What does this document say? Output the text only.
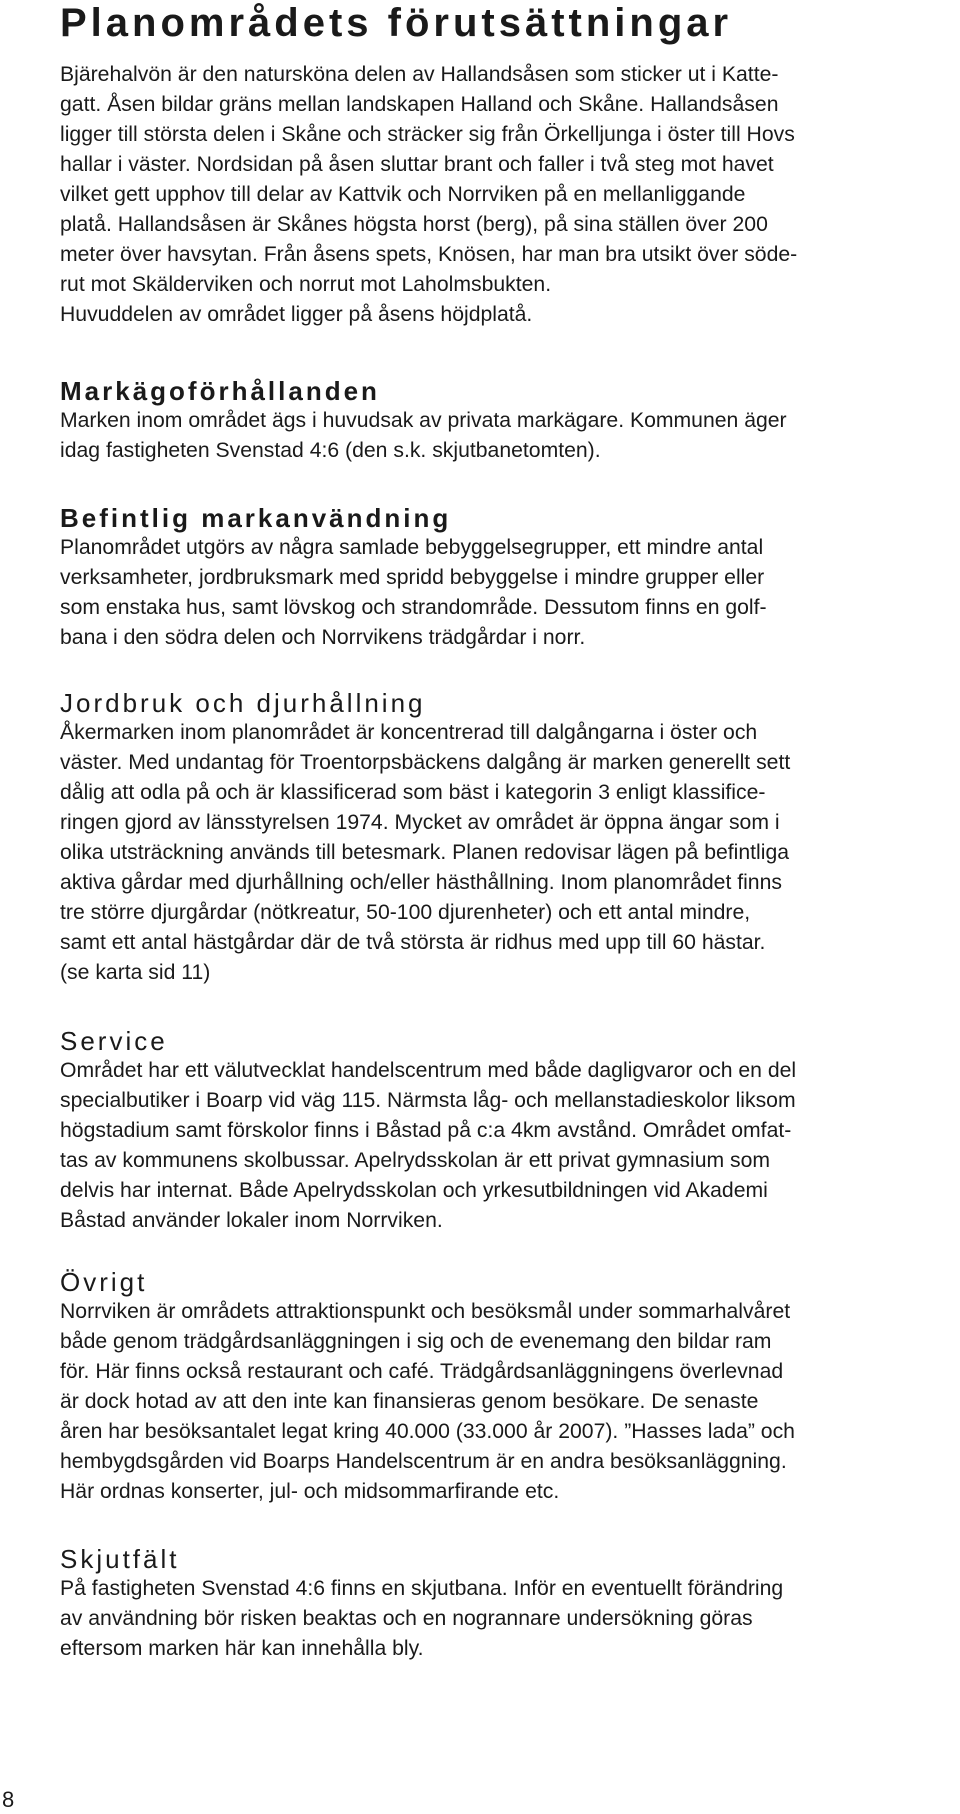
Planområdets förutsättningar

Bjärehalvön är den natursköna delen av Hallandsåsen som sticker ut i Katte-

gatt. Åsen bildar gräns mellan landskapen Halland och Skåne. Hallandsåsen

ligger till största delen i Skåne och sträcker sig från Örkelljunga i öster till Hovs

hallar i väster. Nordsidan på åsen sluttar brant och faller i två steg mot havet

vilket gett upphov till delar av Kattvik och Norrviken på en mellanliggande

platå. Hallandsåsen är Skånes högsta horst (berg), på sina ställen över 200

meter över havsytan. Från åsens spets, Knösen, har man bra utsikt över söde-

rut mot Skälderviken och norrut mot Laholmsbukten.

Huvuddelen av området ligger på åsens höjdplatå.

Markägoförhållanden

Marken inom området ägs i huvudsak av privata markägare. Kommunen äger

idag fastigheten Svenstad 4:6 (den s.k. skjutbanetomten).

Befintlig markanvändning

Planområdet utgörs av några samlade bebyggelsegrupper, ett mindre antal

verksamheter, jordbruksmark med spridd bebyggelse i mindre grupper eller

som enstaka hus, samt lövskog och strandområde. Dessutom finns en golf-

bana i den södra delen och Norrvikens trädgårdar i norr.

Jordbruk och djurhållning

Åkermarken inom planområdet är koncentrerad till dalgångarna i öster och

väster. Med undantag för Troentorpsbäckens dalgång är marken generellt sett

dålig att odla på och är klassificerad som bäst i kategorin 3 enligt klassifice-

ringen gjord av länsstyrelsen 1974. Mycket av området är öppna ängar som i

olika utsträckning används till betesmark. Planen redovisar lägen på befintliga

aktiva gårdar med djurhållning och/eller hästhållning. Inom planområdet finns

tre större djurgårdar (nötkreatur, 50-100 djurenheter) och ett antal mindre,

samt ett antal hästgårdar där de två största är ridhus med upp till 60 hästar.

(se karta sid 11)

Service

Området har ett välutvecklat handelscentrum med både dagligvaror och en del

specialbutiker i Boarp vid väg 115. Närmsta låg- och mellanstadieskolor liksom

högstadium samt förskolor finns i Båstad på c:a 4km avstånd. Området omfat-

tas av kommunens skolbussar. Apelrydsskolan är ett privat gymnasium som

delvis har internat. Både Apelrydsskolan och yrkesutbildningen vid Akademi

Båstad använder lokaler inom Norrviken.

Övrigt

Norrviken är områdets attraktionspunkt och besöksmål under sommarhalvåret

både genom trädgårdsanläggningen i sig och de evenemang den bildar ram

för. Här finns också restaurant och café. Trädgårdsanläggningens överlevnad

är dock hotad av att den inte kan finansieras genom besökare. De senaste

åren har besöksantalet legat kring 40.000 (33.000 år 2007). ”Hasses lada” och

hembygdsgården vid Boarps Handelscentrum är en andra besöksanläggning.

Här ordnas konserter, jul- och midsommarfirande etc.

Skjutfält

På fastigheten Svenstad 4:6 finns en skjutbana. Inför en eventuellt förändring

av användning bör risken beaktas och en nogrannare undersökning göras

eftersom marken här kan innehålla bly.

8
